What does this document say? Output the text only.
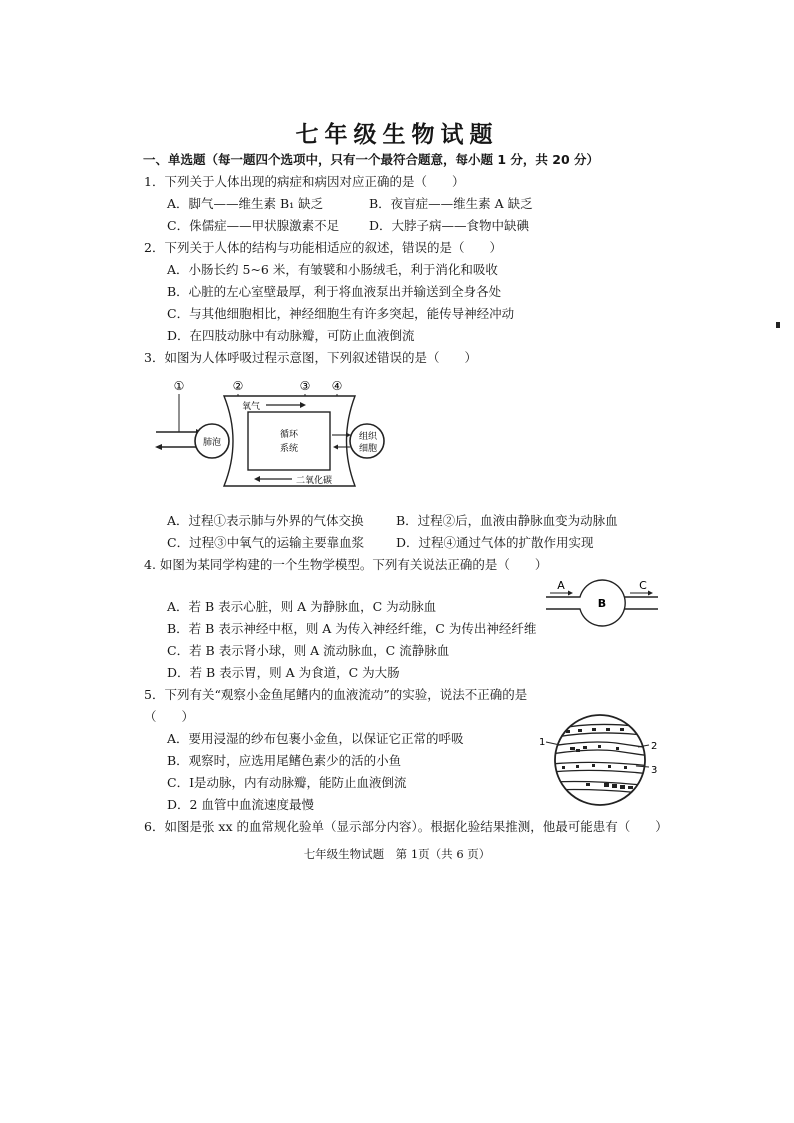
七年级生物试题
一、单选题（每一题四个选项中，只有一个最符合题意，每小题 1 分，共 20 分）
1．下列关于人体出现的病症和病因对应正确的是（　　）
A．脚气——维生素 B₁ 缺乏	B．夜盲症——维生素 A 缺乏
C．侏儒症——甲状腺激素不足 D．大脖子病——食物中缺碘
2．下列关于人体的结构与功能相适应的叙述，错误的是（　　）
A．小肠长约 5~6 米，有皱襞和小肠绒毛，利于消化和吸收
B．心脏的左心室壁最厚，利于将血液泵出并输送到全身各处
C．与其他细胞相比，神经细胞生有许多突起，能传导神经冲动
D．在四肢动脉中有动脉瓣，可防止血液倒流
3．如图为人体呼吸过程示意图，下列叙述错误的是（　　）
①	②	③ ④
肺泡
循环
系统
氧气
二氧化碳
组织
细胞
A．过程①表示肺与外界的气体交换	B．过程②后，血液由静脉血变为动脉血
C．过程③中氧气的运输主要靠血浆	D．过程④通过气体的扩散作用实现
4. 如图为某同学构建的一个生物学模型。下列有关说法正确的是（　　）
A	C
B
A．若 B 表示心脏，则 A 为静脉血，C 为动脉血
B．若 B 表示神经中枢，则 A 为传入神经纤维，C 为传出神经纤维
C．若 B 表示肾小球，则 A 流动脉血，C 流静脉血
D．若 B 表示胃，则 A 为食道，C 为大肠
5．下列有关“观察小金鱼尾鳍内的血液流动”的实验，说法不正确的是
（　　）
1	2
3
A．要用浸湿的纱布包裹小金鱼，以保证它正常的呼吸
B．观察时，应选用尾鳍色素少的活的小鱼
C．Ⅰ是动脉，内有动脉瓣，能防止血液倒流
D．2 血管中血流速度最慢
6．如图是张 xx 的血常规化验单（显示部分内容）。根据化验结果推测，他最可能患有（　　）
七年级生物试题　第 1页（共 6 页）
